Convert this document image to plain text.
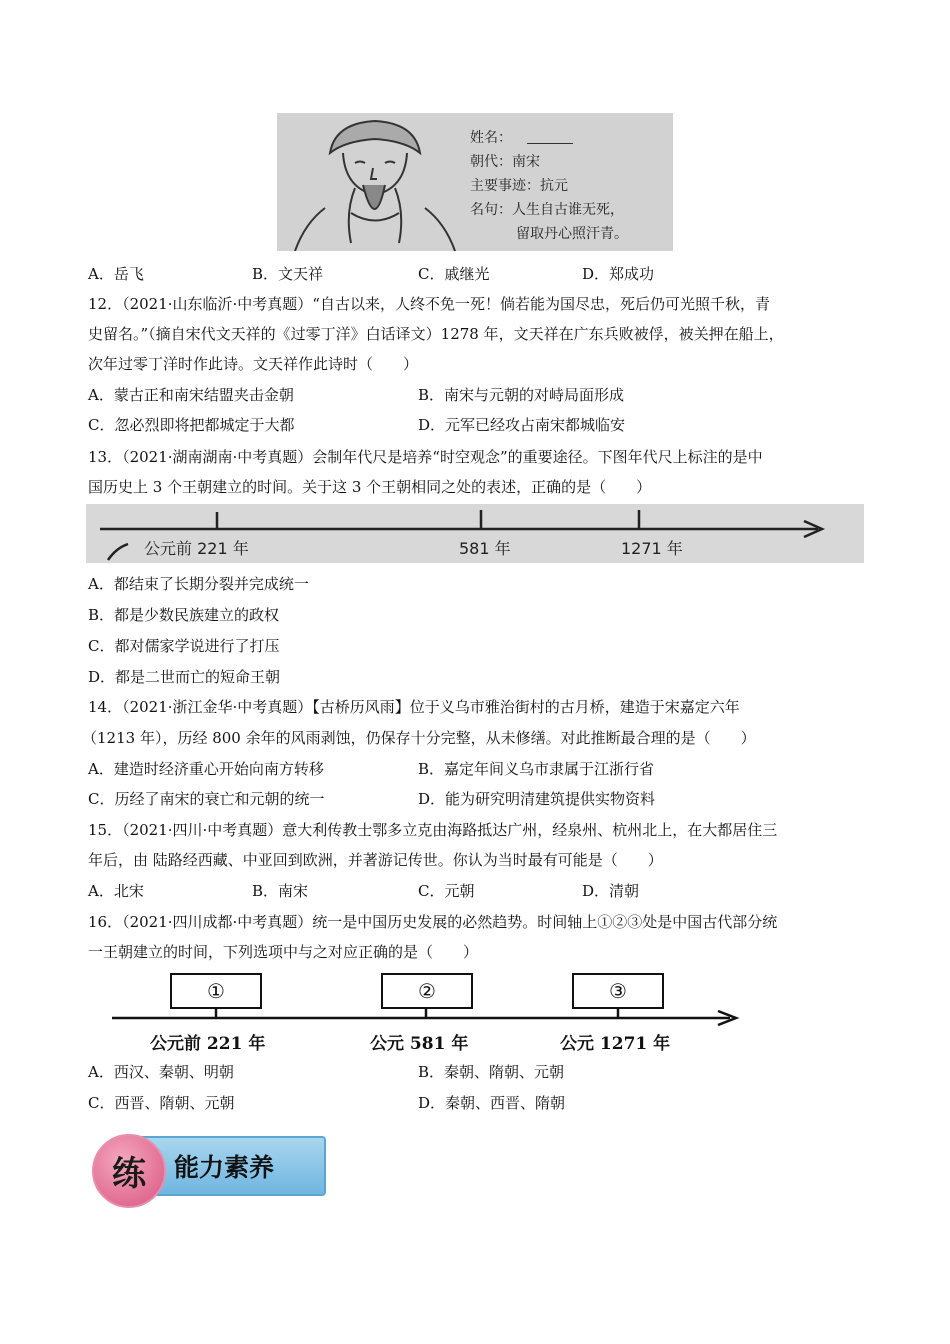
姓名：
朝代：南宋
主要事迹：抗元
名句：人生自古谁无死，
留取丹心照汗青。
A．岳飞	B．文天祥	C．戚继光	D．郑成功
12．（2021·山东临沂·中考真题）“自古以来，人终不免一死！倘若能为国尽忠，死后仍可光照千秋，青
史留名。”（摘自宋代文天祥的《过零丁洋》白话译文）1278 年，文天祥在广东兵败被俘，被关押在船上，
次年过零丁洋时作此诗。文天祥作此诗时（　　）
A．蒙古正和南宋结盟夹击金朝	B．南宋与元朝的对峙局面形成
C．忽必烈即将把都城定于大都	D．元军已经攻占南宋都城临安
13．（2021·湖南湖南·中考真题）会制年代尺是培养“时空观念”的重要途径。下图年代尺上标注的是中
国历史上 3 个王朝建立的时间。关于这 3 个王朝相同之处的表述，正确的是（　　）
公元前 221 年	581 年	1271 年
A．都结束了长期分裂并完成统一
B．都是少数民族建立的政权
C．都对儒家学说进行了打压
D．都是二世而亡的短命王朝
14．（2021·浙江金华·中考真题）【古桥历风雨】位于义乌市雅治街村的古月桥，建造于宋嘉定六年
（1213 年），历经 800 余年的风雨剥蚀，仍保存十分完整，从未修缮。对此推断最合理的是（　　）
A．建造时经济重心开始向南方转移	B．嘉定年间义乌市隶属于江浙行省
C．历经了南宋的衰亡和元朝的统一	D．能为研究明清建筑提供实物资料
15．（2021·四川·中考真题）意大利传教士鄂多立克由海路抵达广州，经泉州、杭州北上，在大都居住三
年后，由 陆路经西藏、中亚回到欧洲，并著游记传世。你认为当时最有可能是（　　）
A．北宋	B．南宋	C．元朝	D．清朝
16．（2021·四川成都·中考真题）统一是中国历史发展的必然趋势。时间轴上①②③处是中国古代部分统
一王朝建立的时间，下列选项中与之对应正确的是（　　）
①	②	③
公元前 221 年	公元 581 年	公元 1271 年
A．西汉、秦朝、明朝	B．秦朝、隋朝、元朝
C．西晋、隋朝、元朝	D．秦朝、西晋、隋朝
练	能力素养
